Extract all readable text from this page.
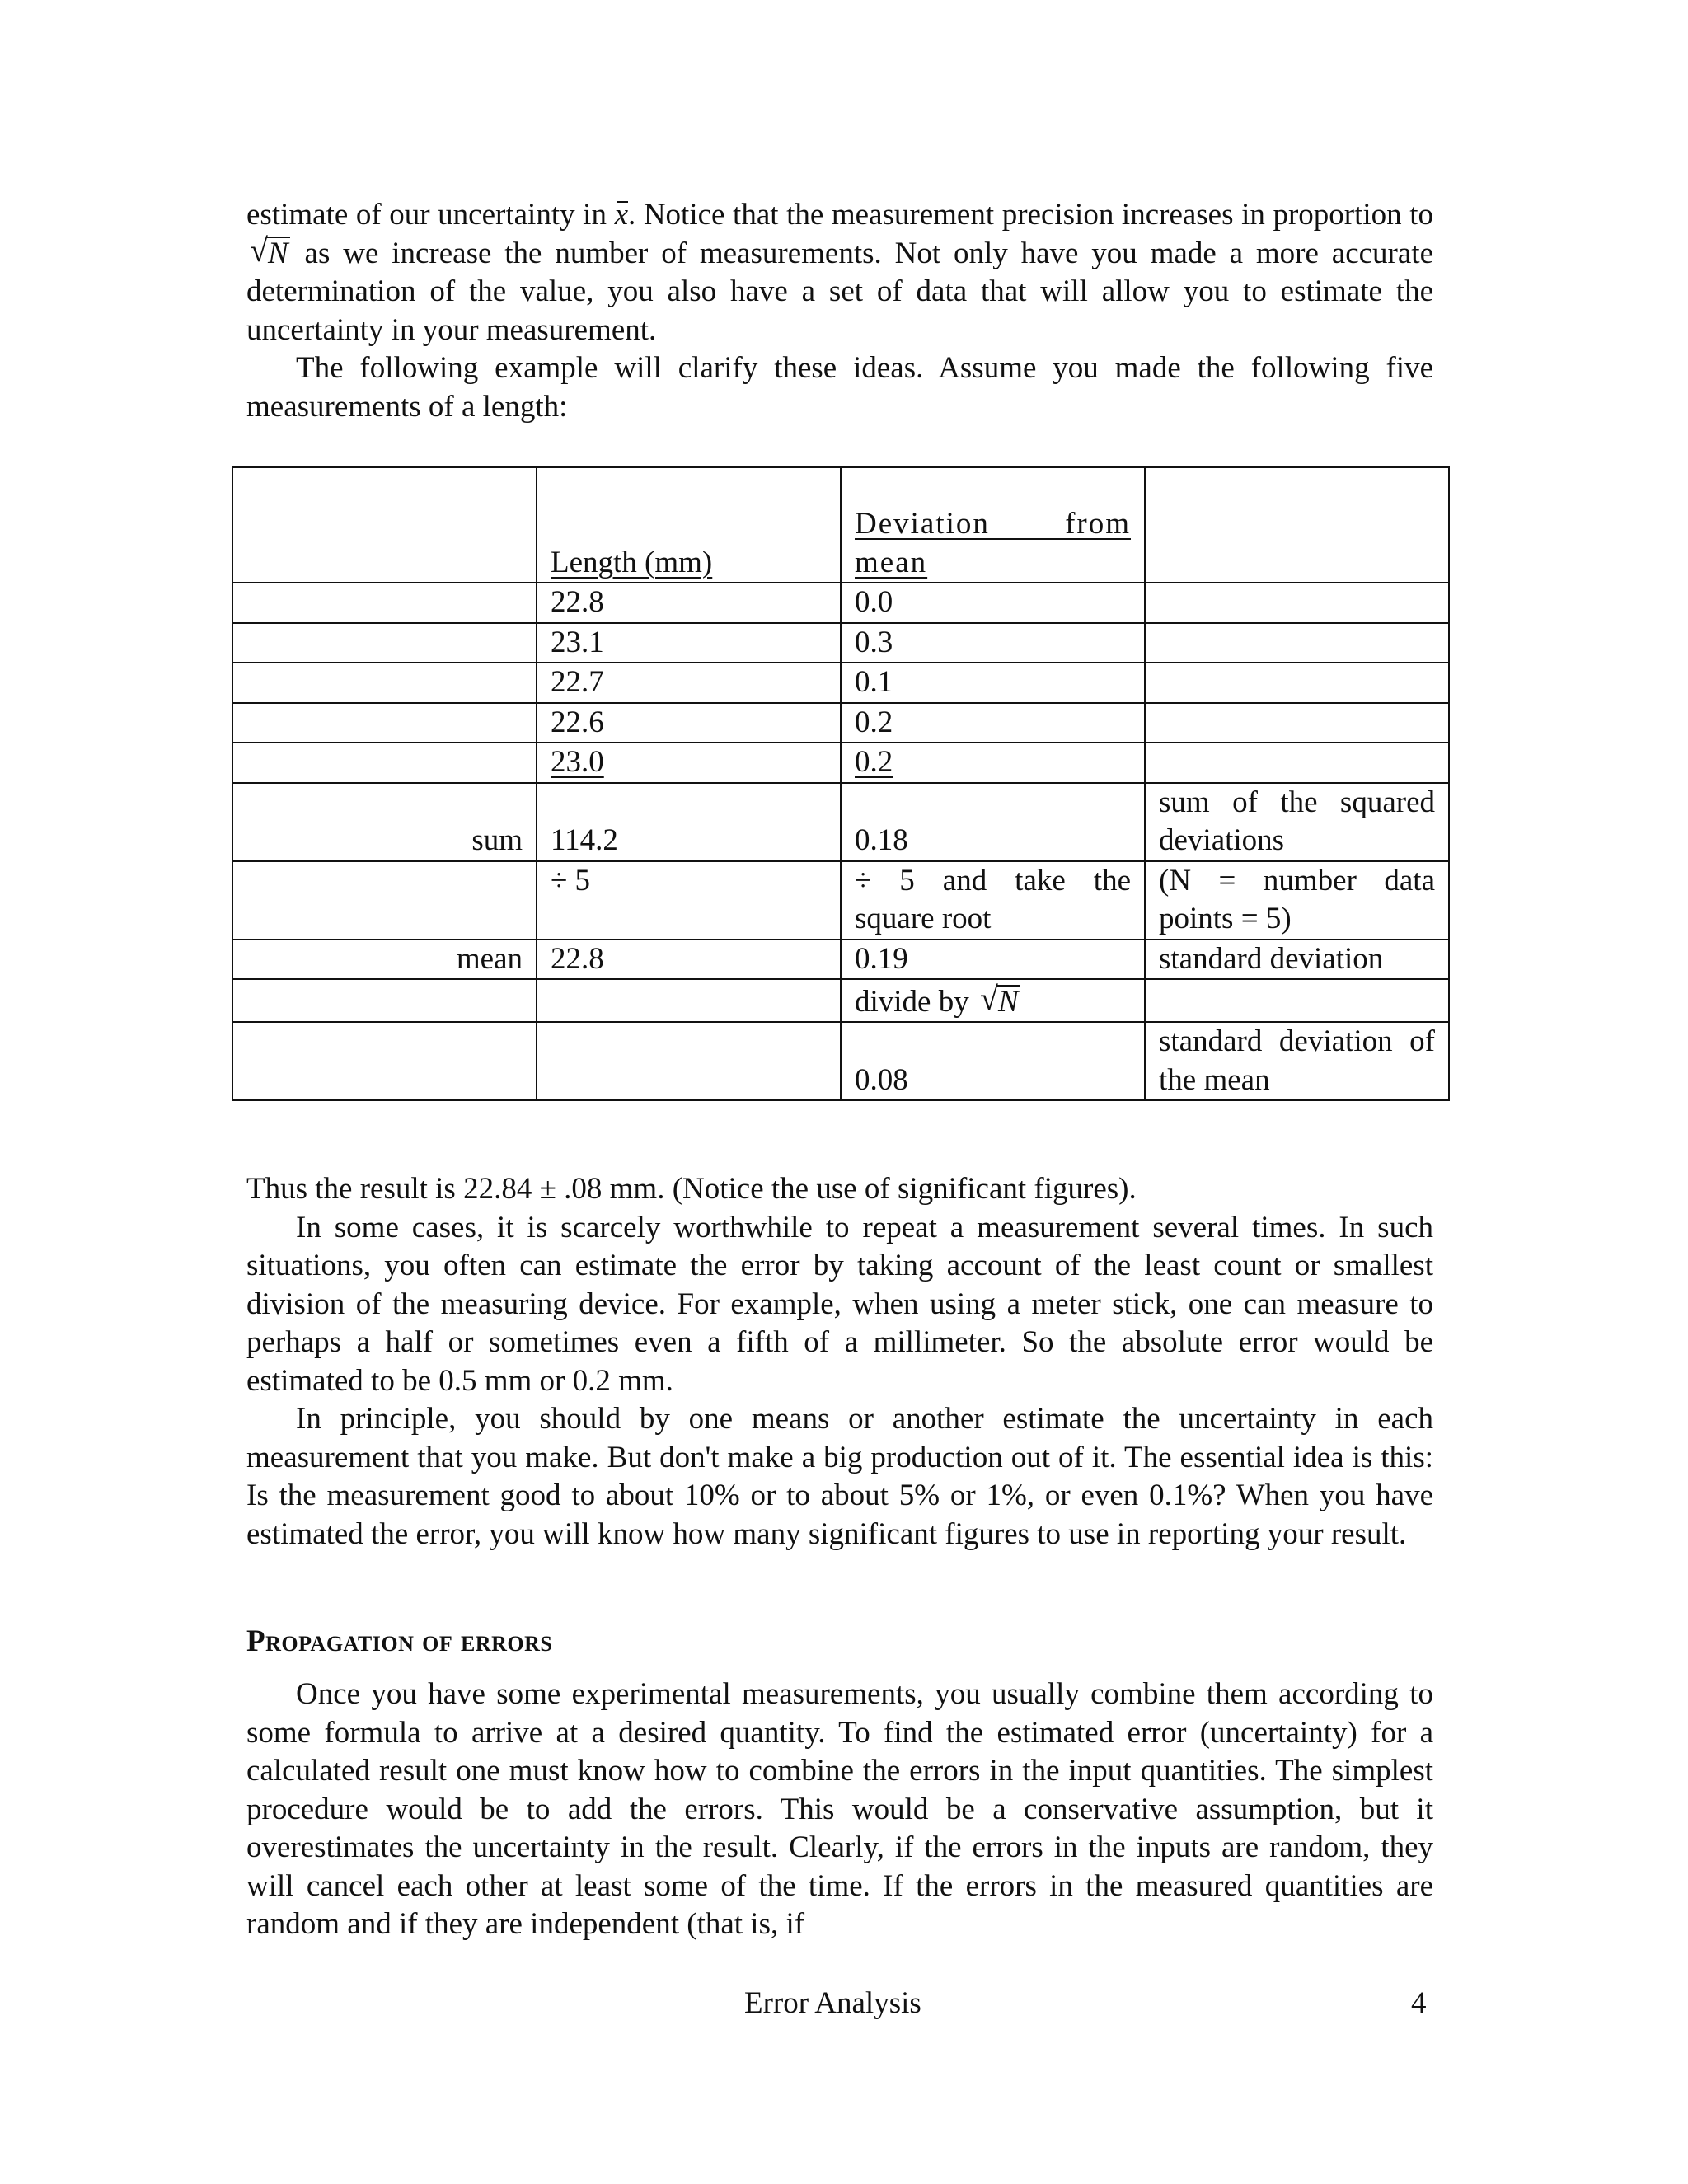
estimate of our uncertainty in x. Notice that the measurement precision increases in proportion to
√ N as we increase the number of measurements. Not only have you made a more accurate determination of the value, you also have a set of data that will allow you to estimate the uncertainty in your measurement.

The following example will clarify these ideas. Assume you made the following five measurements of a length:

	Length (mm)	Deviation from mean	
	22.8	0.0	
	23.1	0.3	
	22.7	0.1	
	22.6	0.2	
	23.0	0.2	
sum	114.2	0.18	sum of the squared deviations
	÷ 5	÷ 5 and take the square root	(N = number data points = 5)
mean	22.8	0.19	standard deviation
		divide by √ N	
		0.08	standard deviation of the mean

Thus the result is 22.84 ± .08 mm. (Notice the use of significant figures).

In some cases, it is scarcely worthwhile to repeat a measurement several times. In such situations, you often can estimate the error by taking account of the least count or smallest division of the measuring device. For example, when using a meter stick, one can measure to perhaps a half or sometimes even a fifth of a millimeter. So the absolute error would be estimated to be 0.5 mm or 0.2 mm.

In principle, you should by one means or another estimate the uncertainty in each measurement that you make. But don't make a big production out of it. The essential idea is this: Is the measurement good to about 10% or to about 5% or 1%, or even 0.1%? When you have estimated the error, you will know how many significant figures to use in reporting your result.

Propagation of errors

Once you have some experimental measurements, you usually combine them according to some formula to arrive at a desired quantity. To find the estimated error (uncertainty) for a calculated result one must know how to combine the errors in the input quantities. The simplest procedure would be to add the errors. This would be a conservative assumption, but it overestimates the uncertainty in the result. Clearly, if the errors in the inputs are random, they will cancel each other at least some of the time. If the errors in the measured quantities are random and if they are independent (that is, if

Error Analysis	4
